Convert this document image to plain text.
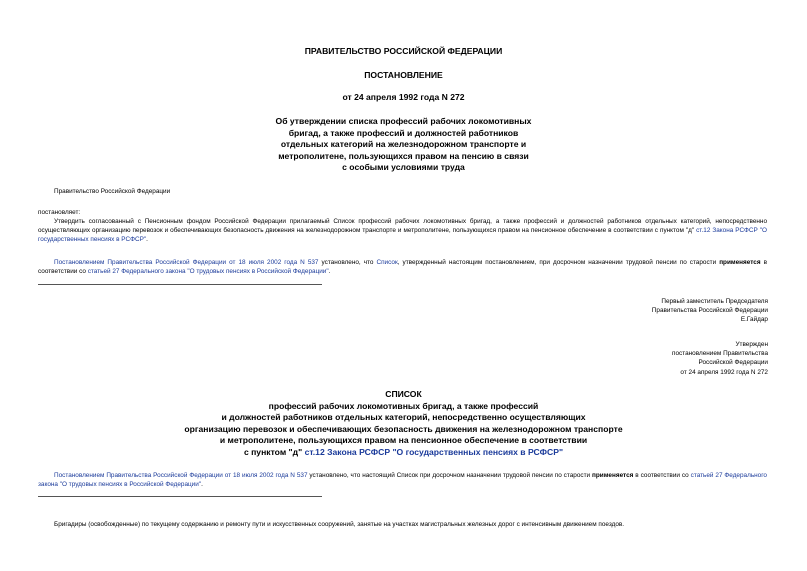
ПРАВИТЕЛЬСТВО РОССИЙСКОЙ ФЕДЕРАЦИИ
ПОСТАНОВЛЕНИЕ
от 24 апреля 1992 года N 272
Об утверждении списка профессий рабочих локомотивных
бригад, а также профессий и должностей работников
отдельных категорий на железнодорожном транспорте и
метрополитене, пользующихся правом на пенсию в связи
с особыми условиями труда
Правительство Российской Федерации
постановляет:
Утвердить согласованный с Пенсионным фондом Российской Федерации прилагаемый Список профессий рабочих локомотивных бригад, а также профессий и должностей работников отдельных категорий, непосредственно осуществляющих организацию перевозок и обеспечивающих безопасность движения на железнодорожном транспорте и метрополитене, пользующихся правом на пенсионное обеспечение в соответствии с пунктом "д" ст.12 Закона РСФСР "О государственных пенсиях в РСФСР".
Постановлением Правительства Российской Федерации от 18 июля 2002 года N 537 установлено, что Список, утвержденный настоящим постановлением, при досрочном назначении трудовой пенсии по старости применяется в соответствии со статьей 27 Федерального закона "О трудовых пенсиях в Российской Федерации".
Первый заместитель Председателя
Правительства Российской Федерации
Е.Гайдар
Утвержден
постановлением Правительства
Российской Федерации
от 24 апреля 1992 года N 272
СПИСОК
профессий рабочих локомотивных бригад, а также профессий
и должностей работников отдельных категорий, непосредственно осуществляющих
организацию перевозок и обеспечивающих безопасность движения на железнодорожном транспорте
и метрополитене, пользующихся правом на пенсионное обеспечение в соответствии
с пунктом "д" ст.12 Закона РСФСР "О государственных пенсиях в РСФСР"
Постановлением Правительства Российской Федерации от 18 июля 2002 года N 537 установлено, что настоящий Список при досрочном назначении трудовой пенсии по старости применяется в соответствии со статьей 27 Федерального закона "О трудовых пенсиях в Российской Федерации".
Бригадиры (освобожденные) по текущему содержанию и ремонту пути и искусственных сооружений, занятые на участках магистральных железных дорог с интенсивным движением поездов.
